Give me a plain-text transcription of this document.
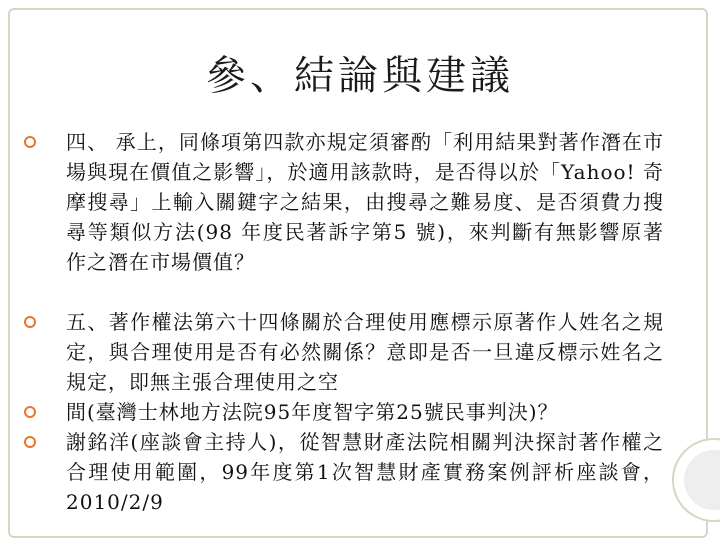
參、結論與建議
四、 承上，同條項第四款亦規定須審酌「利用結果對著作潛在市場與現在價值之影響」，於適用該款時，是否得以於「Yahoo! 奇摩搜尋」上輸入關鍵字之結果，由搜尋之難易度、是否須費力搜尋等類似方法(98 年度民著訴字第5 號)，來判斷有無影響原著作之潛在市場價值？
五、著作權法第六十四條關於合理使用應標示原著作人姓名之規定，與合理使用是否有必然關係？意即是否一旦違反標示姓名之規定，即無主張合理使用之空
間(臺灣士林地方法院95年度智字第25號民事判決)？
謝銘洋(座談會主持人)，從智慧財產法院相關判決探討著作權之合理使用範圍，99年度第1次智慧財產實務案例評析座談會，2010/2/9
